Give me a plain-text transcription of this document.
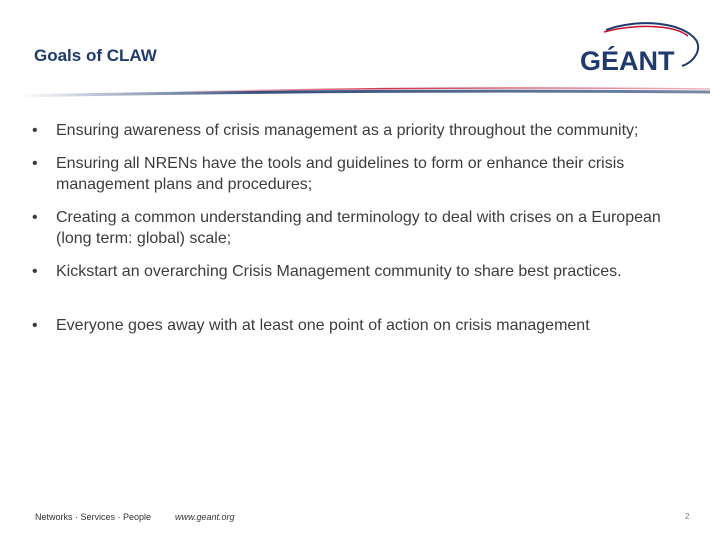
Goals of CLAW	GÉANT
• Ensuring awareness of crisis management as a priority throughout the community;
• Ensuring all NRENs have the tools and guidelines to form or enhance their crisis management plans and procedures;
• Creating a common understanding and terminology to deal with crises on a European (long term: global) scale;
• Kickstart an overarching Crisis Management community to share best practices.
• Everyone goes away with at least one point of action on crisis management
Networks · Services · People	www.geant.org	2
